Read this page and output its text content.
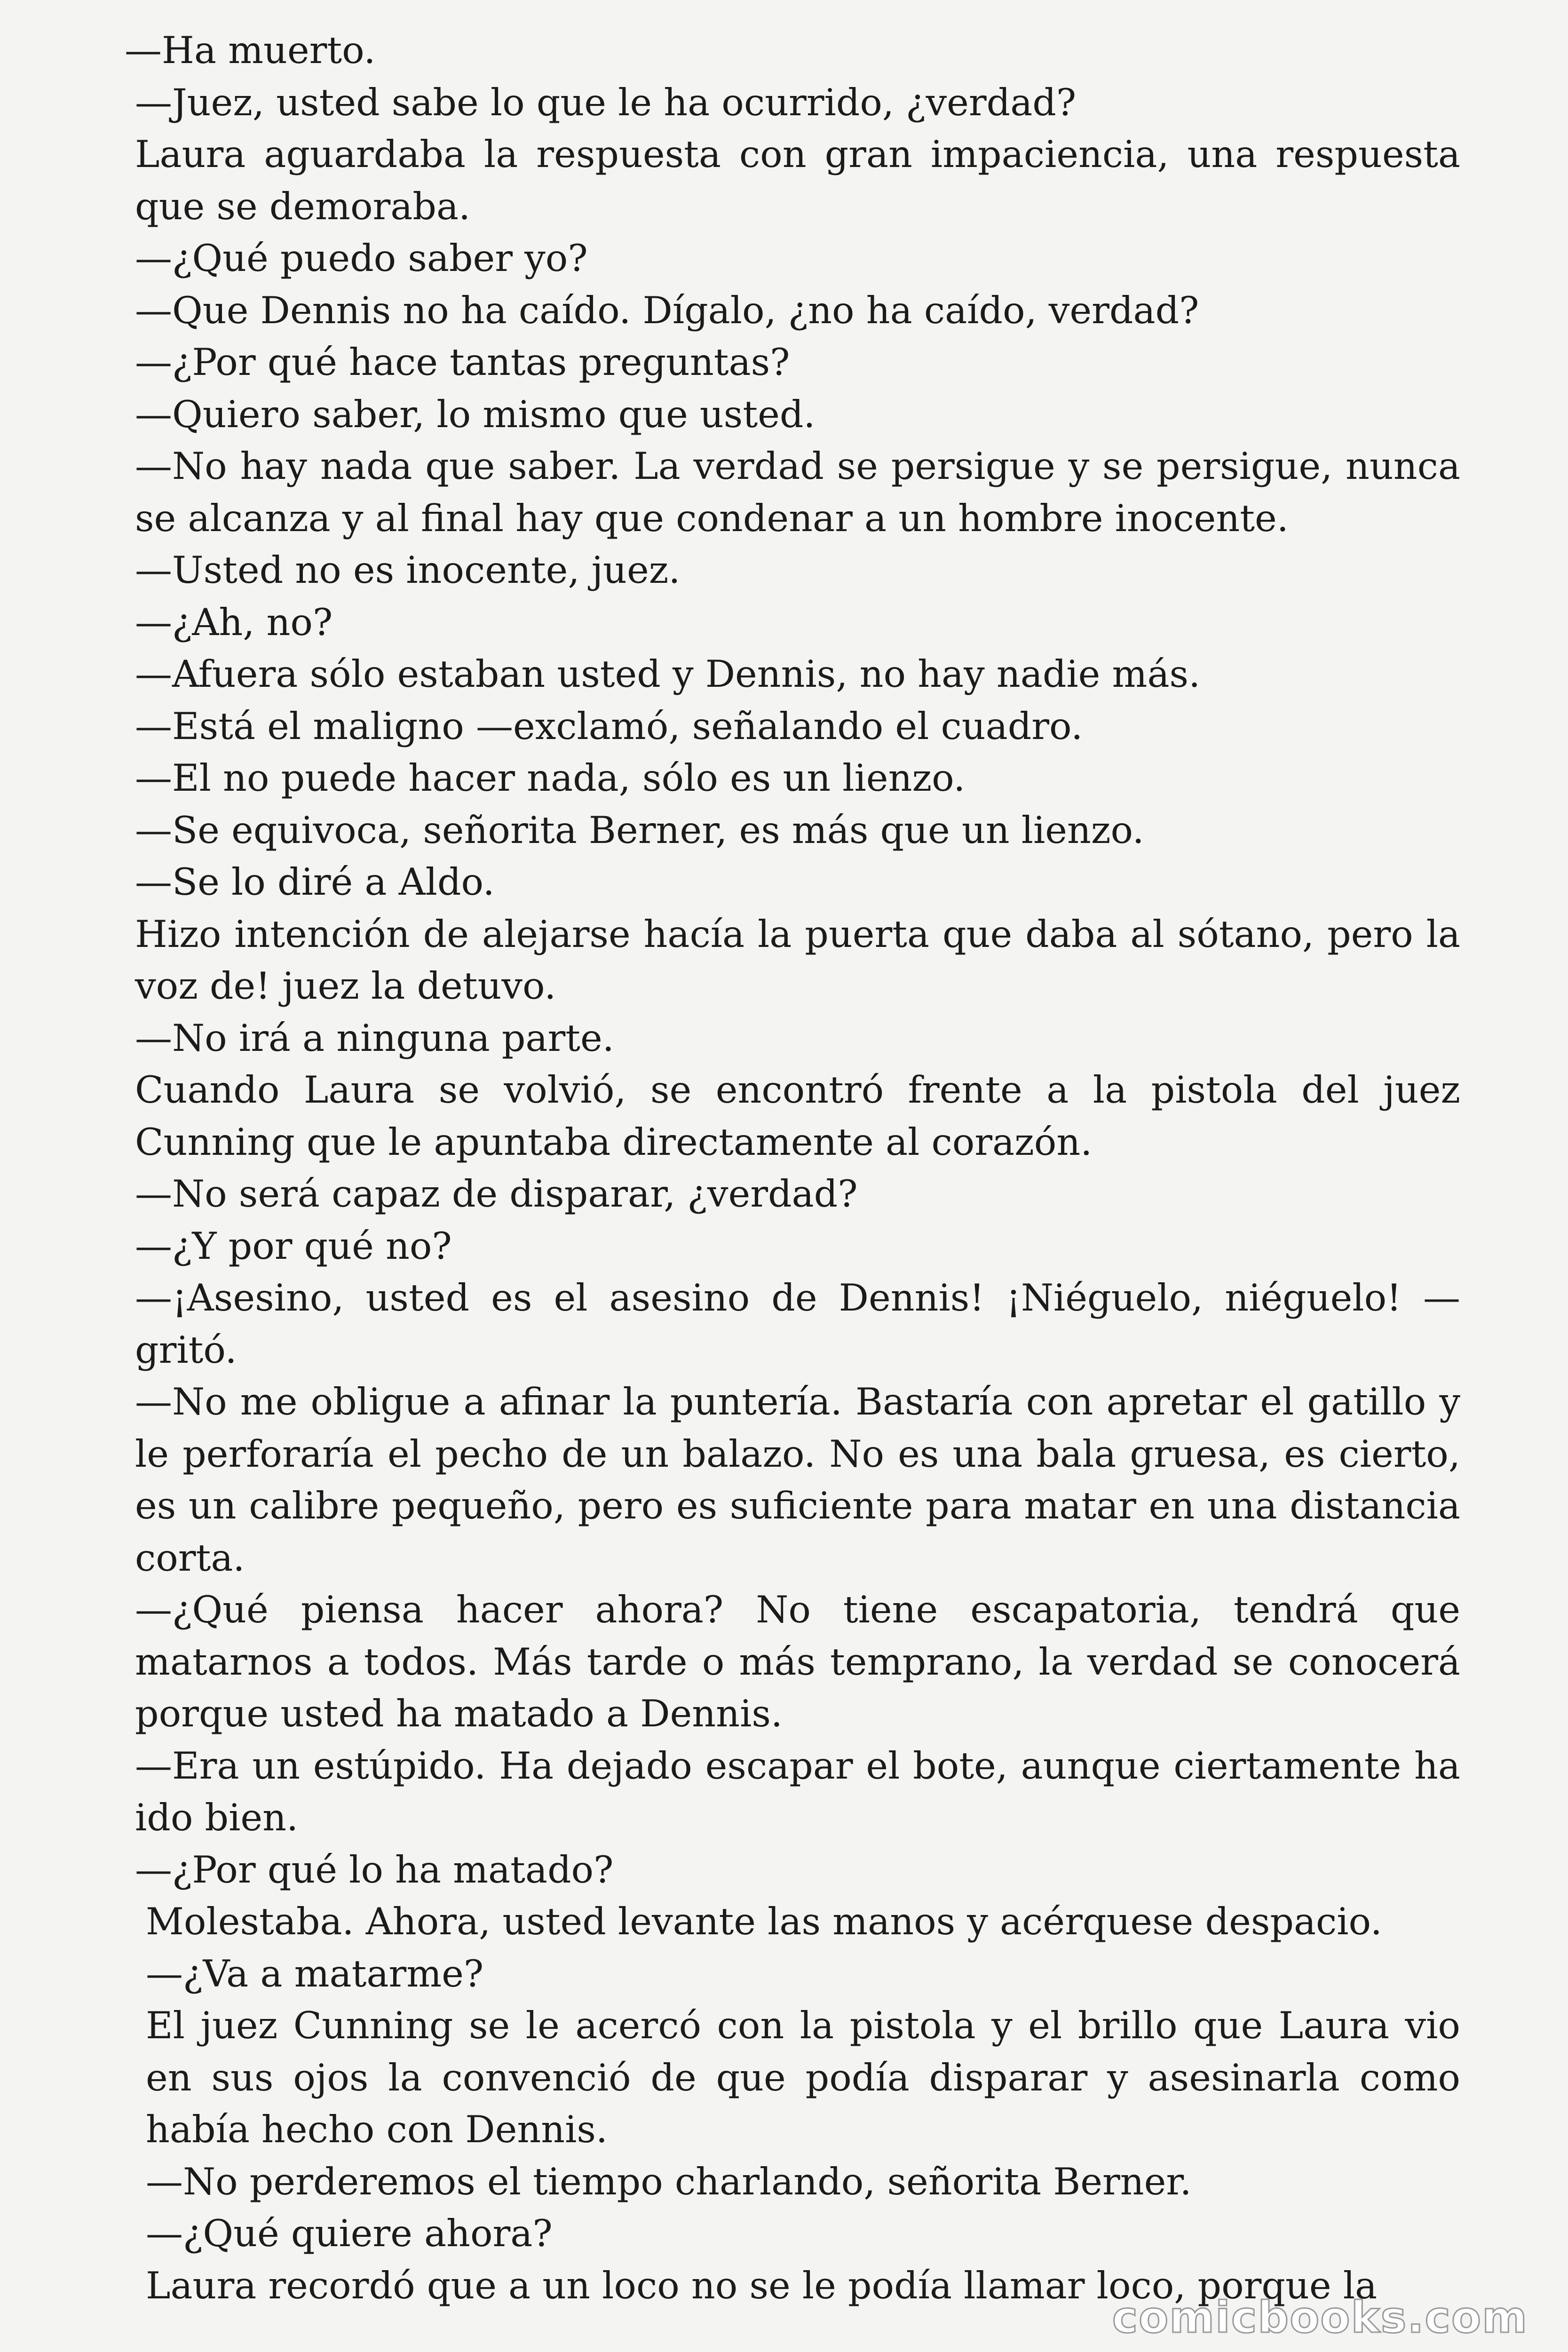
—Ha muerto.

—Juez, usted sabe lo que le ha ocurrido, ¿verdad?

Laura aguardaba la respuesta con gran impaciencia, una respuesta que se demoraba.

—¿Qué puedo saber yo?

—Que Dennis no ha caído. Dígalo, ¿no ha caído, verdad?

—¿Por qué hace tantas preguntas?

—Quiero saber, lo mismo que usted.

—No hay nada que saber. La verdad se persigue y se persigue, nunca se alcanza y al final hay que condenar a un hombre inocente.

—Usted no es inocente, juez.

—¿Ah, no?

—Afuera sólo estaban usted y Dennis, no hay nadie más.

—Está el maligno —exclamó, señalando el cuadro.

—El no puede hacer nada, sólo es un lienzo.

—Se equivoca, señorita Berner, es más que un lienzo.

—Se lo diré a Aldo.

Hizo intención de alejarse hacía la puerta que daba al sótano, pero la voz de! juez la detuvo.

—No irá a ninguna parte.

Cuando Laura se volvió, se encontró frente a la pistola del juez Cunning que le apuntaba directamente al corazón.

—No será capaz de disparar, ¿verdad?

—¿Y por qué no?

—¡Asesino, usted es el asesino de Dennis! ¡Niéguelo, niéguelo! —gritó.

—No me obligue a afinar la puntería. Bastaría con apretar el gatillo y le perforaría el pecho de un balazo. No es una bala gruesa, es cierto, es un calibre pequeño, pero es suficiente para matar en una distancia corta.

—¿Qué piensa hacer ahora? No tiene escapatoria, tendrá que matarnos a todos. Más tarde o más temprano, la verdad se conocerá porque usted ha matado a Dennis.

—Era un estúpido. Ha dejado escapar el bote, aunque ciertamente ha ido bien.

—¿Por qué lo ha matado?

Molestaba. Ahora, usted levante las manos y acérquese despacio.

—¿Va a matarme?

El juez Cunning se le acercó con la pistola y el brillo que Laura vio en sus ojos la convenció de que podía disparar y asesinarla como había hecho con Dennis.

—No perderemos el tiempo charlando, señorita Berner.

—¿Qué quiere ahora?

Laura recordó que a un loco no se le podía llamar loco, porque la

comicbooks.com
